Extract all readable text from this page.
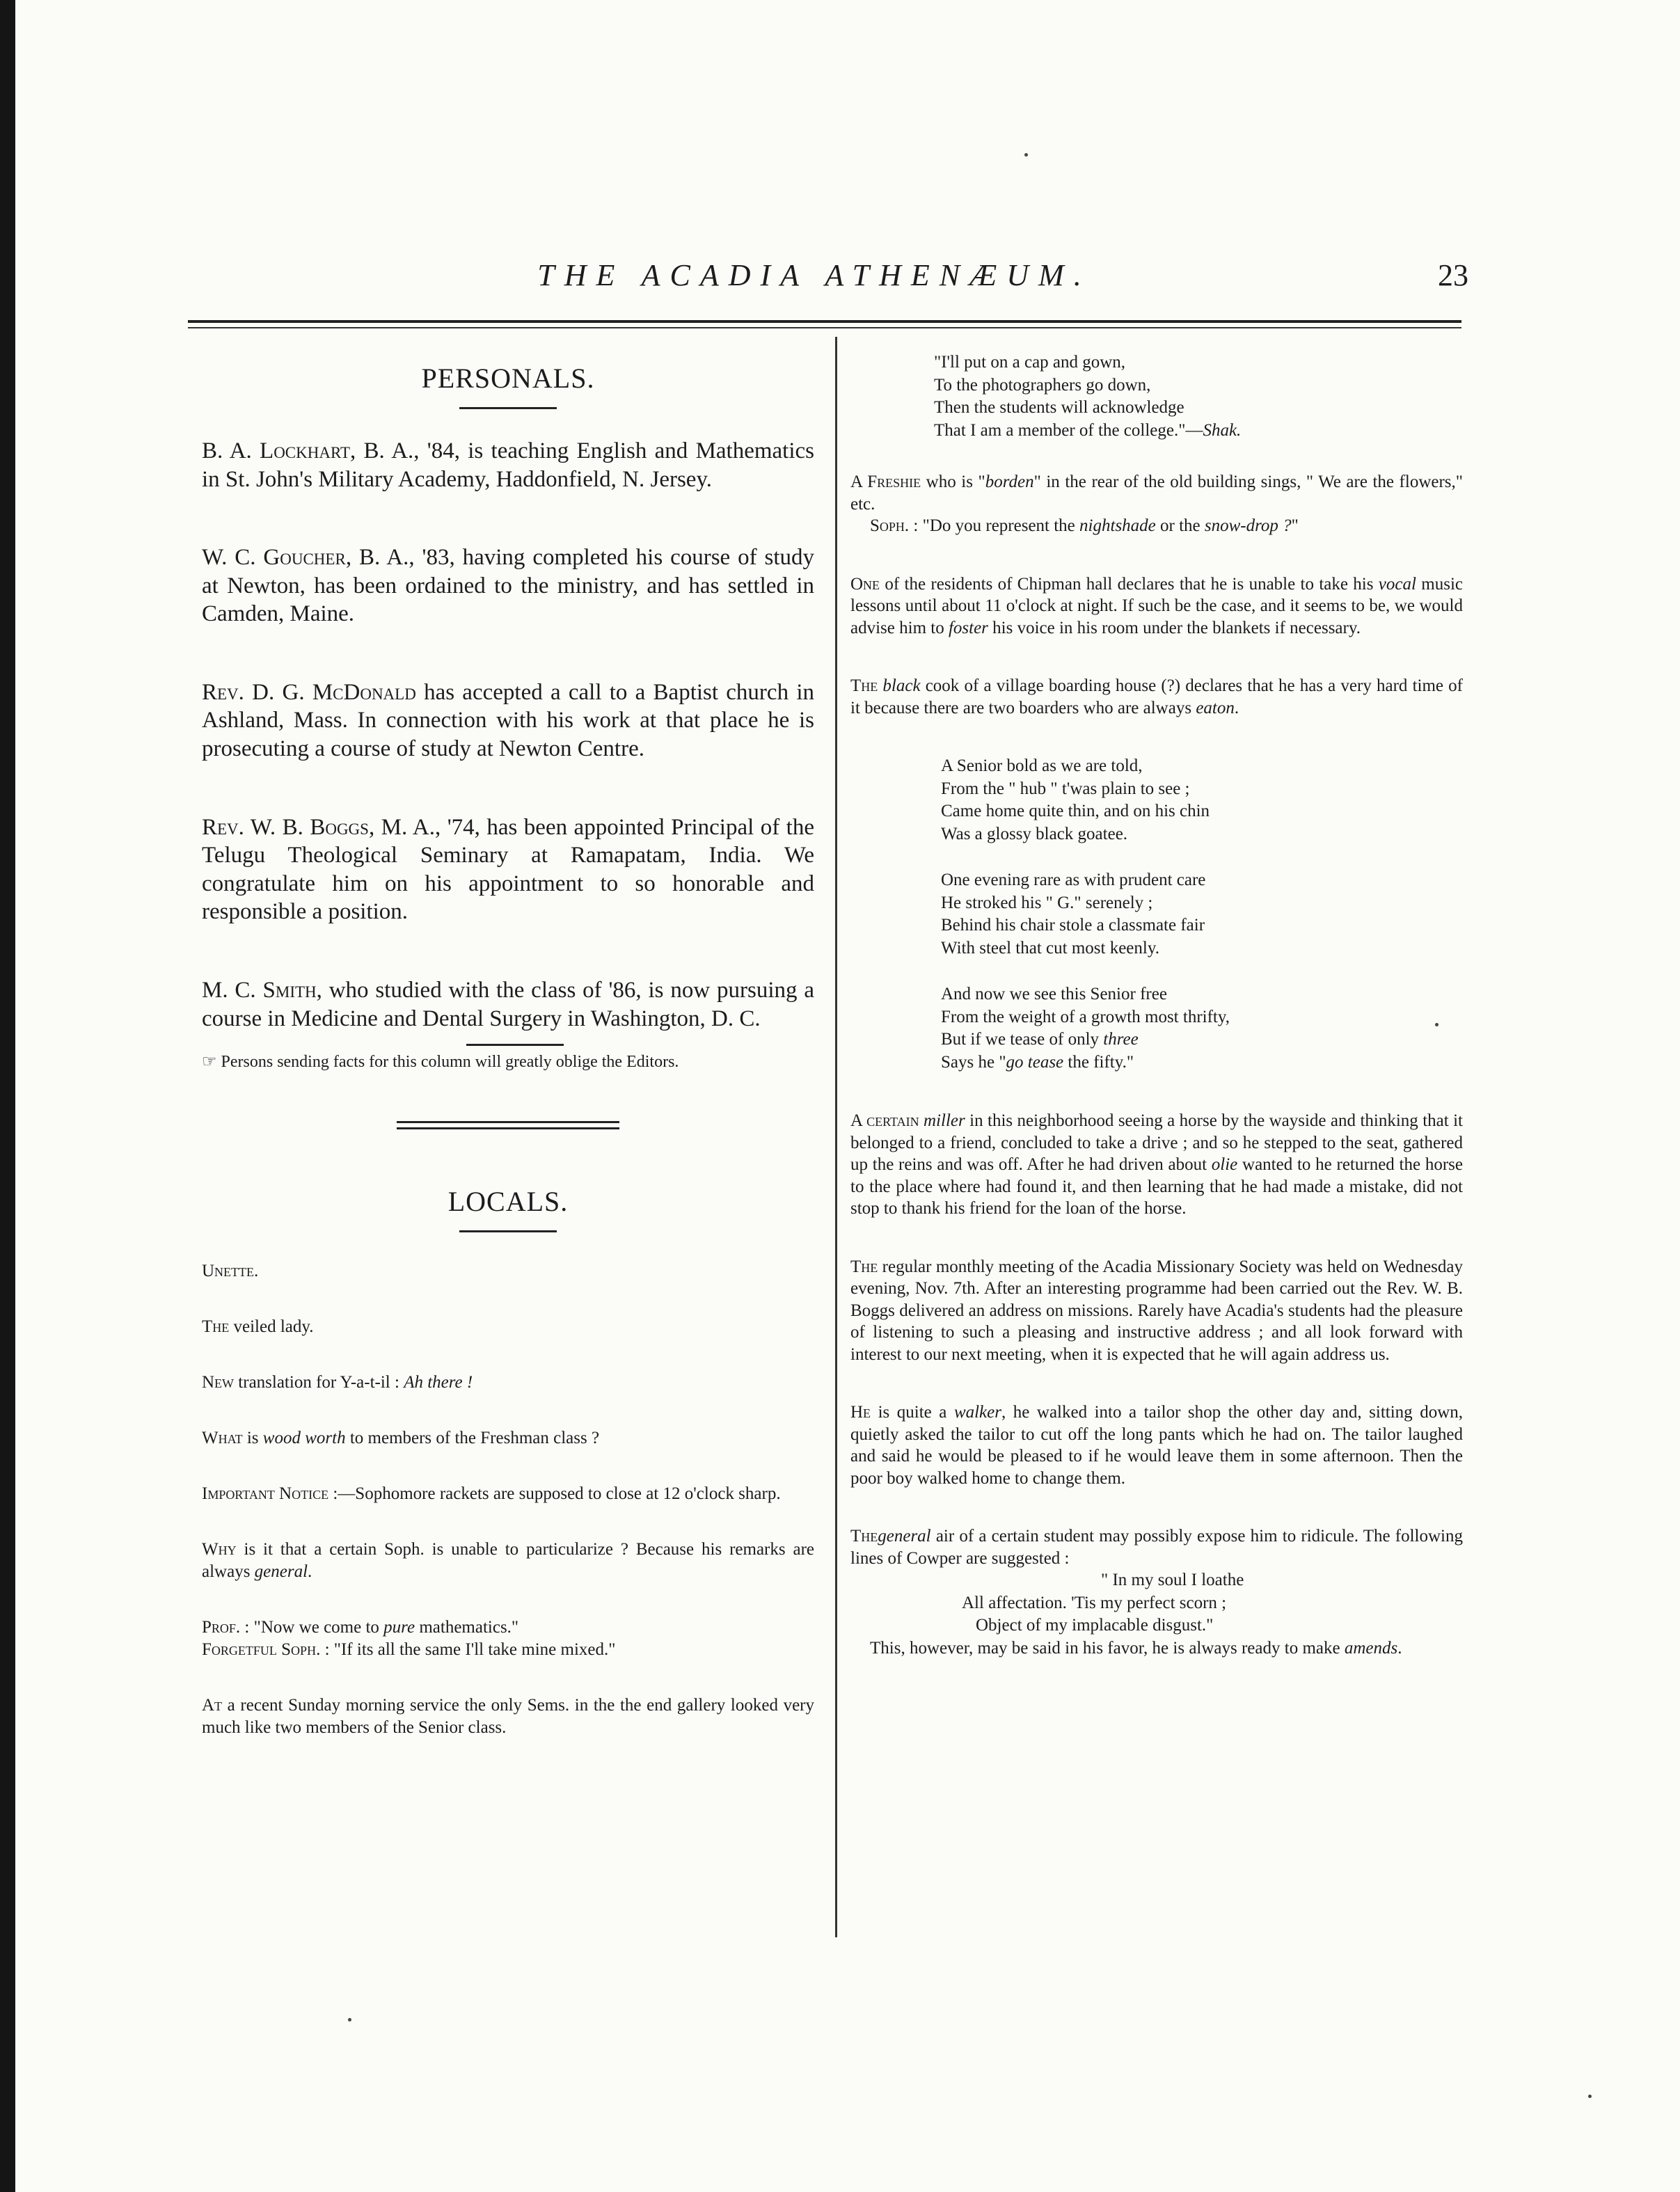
THE ACADIA ATHENÆUM.	23
PERSONALS.

B. A. Lockhart, B. A., '84, is teaching English and Mathematics in St. John's Military Academy, Haddonfield, N. Jersey.

W. C. Goucher, B. A., '83, having completed his course of study at Newton, has been ordained to the ministry, and has settled in Camden, Maine.

Rev. D. G. McDonald has accepted a call to a Baptist church in Ashland, Mass. In connection with his work at that place he is prosecuting a course of study at Newton Centre.

Rev. W. B. Boggs, M. A., '74, has been appointed Principal of the Telugu Theological Seminary at Ramapatam, India. We congratulate him on his appointment to so honorable and responsible a position.

M. C. Smith, who studied with the class of '86, is now pursuing a course in Medicine and Dental Surgery in Washington, D. C.

☞ Persons sending facts for this column will greatly oblige the Editors.

LOCALS.

Unette.

The veiled lady.

New translation for Y-a-t-il : Ah there !

What is wood worth to members of the Freshman class ?

Important Notice :—Sophomore rackets are supposed to close at 12 o'clock sharp.

Why is it that a certain Soph. is unable to particularize ? Because his remarks are always general.

Prof. : "Now we come to pure mathematics."

Forgetful Soph. : "If its all the same I'll take mine mixed."

At a recent Sunday morning service the only Sems. in the the end gallery looked very much like two members of the Senior class.

"I'll put on a cap and gown,
To the photographers go down,
Then the students will acknowledge
That I am a member of the college."—Shak.

A Freshie who is "borden" in the rear of the old building sings, " We are the flowers," etc.

Soph. : "Do you represent the nightshade or the snow-drop ?"

One of the residents of Chipman hall declares that he is unable to take his vocal music lessons until about 11 o'clock at night. If such be the case, and it seems to be, we would advise him to foster his voice in his room under the blankets if necessary.

The black cook of a village boarding house (?) declares that he has a very hard time of it because there are two boarders who are always eaton.

A Senior bold as we are told,
From the " hub " t'was plain to see ;
Came home quite thin, and on his chin
Was a glossy black goatee.
One evening rare as with prudent care
He stroked his " G." serenely ;
Behind his chair stole a classmate fair
With steel that cut most keenly.
And now we see this Senior free
From the weight of a growth most thrifty,
But if we tease of only three
Says he "go tease the fifty."

A certain miller in this neighborhood seeing a horse by the wayside and thinking that it belonged to a friend, concluded to take a drive ; and so he stepped to the seat, gathered up the reins and was off. After he had driven about olie wanted to he returned the horse to the place where had found it, and then learning that he had made a mistake, did not stop to thank his friend for the loan of the horse.

The regular monthly meeting of the Acadia Missionary Society was held on Wednesday evening, Nov. 7th. After an interesting programme had been carried out the Rev. W. B. Boggs delivered an address on missions. Rarely have Acadia's students had the pleasure of listening to such a pleasing and instructive address ; and all look forward with interest to our next meeting, when it is expected that he will again address us.

He is quite a walker, he walked into a tailor shop the other day and, sitting down, quietly asked the tailor to cut off the long pants which he had on. The tailor laughed and said he would be pleased to if he would leave them in some afternoon. Then the poor boy walked home to change them.

Thegeneral air of a certain student may possibly expose him to ridicule. The following lines of Cowper are suggested :

" In my soul I loathe
All affectation. 'Tis my perfect scorn ;
Object of my implacable disgust."

This, however, may be said in his favor, he is always ready to make amends.
